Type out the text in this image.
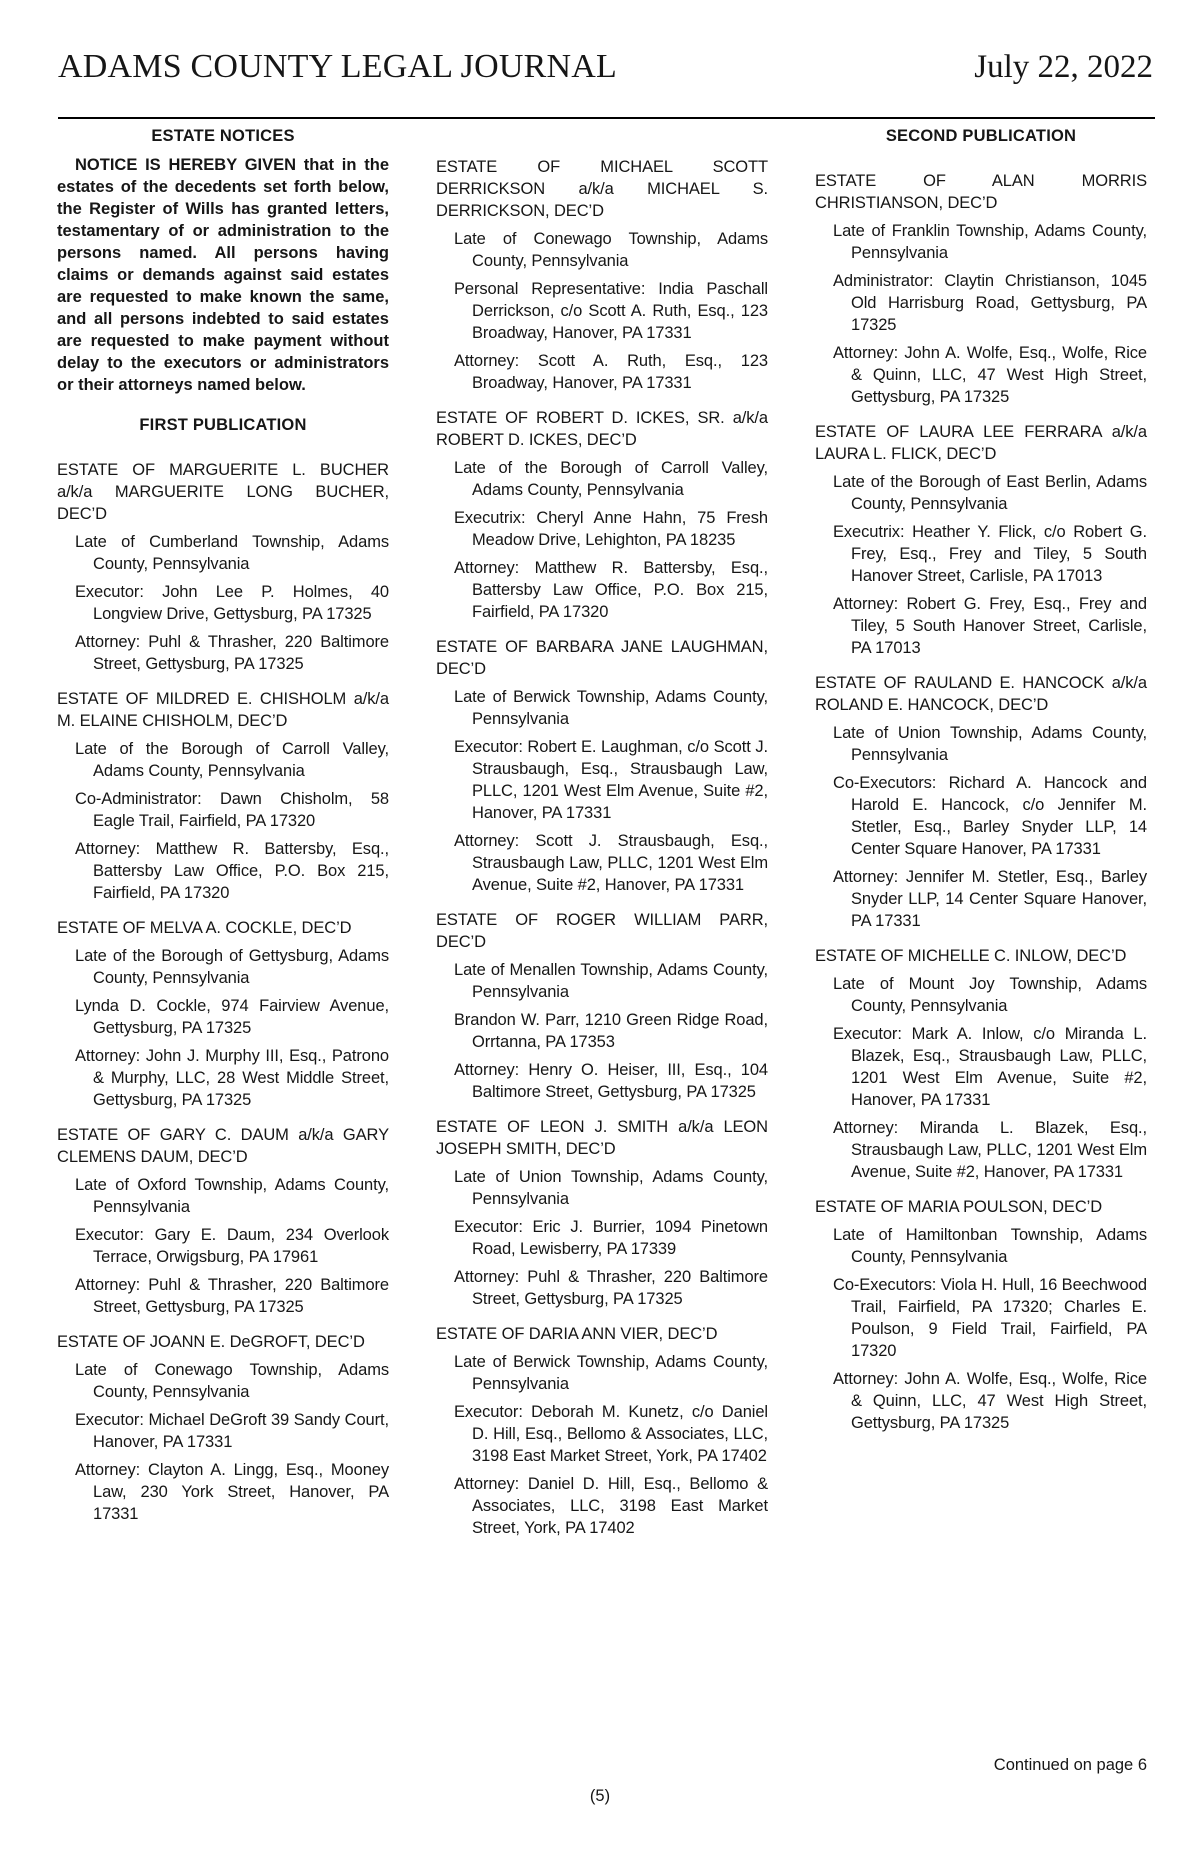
ADAMS COUNTY LEGAL JOURNAL	July 22, 2022
ESTATE NOTICES

NOTICE IS HEREBY GIVEN that in the estates of the decedents set forth below, the Register of Wills has granted letters, testamentary of or administration to the persons named. All persons having claims or demands against said estates are requested to make known the same, and all persons indebted to said estates are requested to make payment without delay to the executors or administrators or their attorneys named below.

FIRST PUBLICATION
ESTATE OF MARGUERITE L. BUCHER a/k/a MARGUERITE LONG BUCHER, DEC’D

Late of Cumberland Township, Adams County, Pennsylvania

Executor: John Lee P. Holmes, 40 Longview Drive, Gettysburg, PA 17325

Attorney: Puhl & Thrasher, 220 Baltimore Street, Gettysburg, PA 17325

ESTATE OF MILDRED E. CHISHOLM a/k/a M. ELAINE CHISHOLM, DEC’D

Late of the Borough of Carroll Valley, Adams County, Pennsylvania

Co-Administrator: Dawn Chisholm, 58 Eagle Trail, Fairfield, PA 17320

Attorney: Matthew R. Battersby, Esq., Battersby Law Office, P.O. Box 215, Fairfield, PA 17320

ESTATE OF MELVA A. COCKLE, DEC’D

Late of the Borough of Gettysburg, Adams County, Pennsylvania

Lynda D. Cockle, 974 Fairview Avenue, Gettysburg, PA 17325

Attorney: John J. Murphy III, Esq., Patrono & Murphy, LLC, 28 West Middle Street, Gettysburg, PA 17325

ESTATE OF GARY C. DAUM a/k/a GARY CLEMENS DAUM, DEC’D

Late of Oxford Township, Adams County, Pennsylvania

Executor: Gary E. Daum, 234 Overlook Terrace, Orwigsburg, PA 17961

Attorney: Puhl & Thrasher, 220 Baltimore Street, Gettysburg, PA 17325

ESTATE OF JOANN E. DeGROFT, DEC’D

Late of Conewago Township, Adams County, Pennsylvania

Executor: Michael DeGroft 39 Sandy Court, Hanover, PA 17331

Attorney: Clayton A. Lingg, Esq., Mooney Law, 230 York Street, Hanover, PA 17331

ESTATE OF MICHAEL SCOTT DERRICKSON a/k/a MICHAEL S. DERRICKSON, DEC’D

Late of Conewago Township, Adams County, Pennsylvania

Personal Representative: India Paschall Derrickson, c/o Scott A. Ruth, Esq., 123 Broadway, Hanover, PA 17331

Attorney: Scott A. Ruth, Esq., 123 Broadway, Hanover, PA 17331

ESTATE OF ROBERT D. ICKES, SR. a/k/a ROBERT D. ICKES, DEC’D

Late of the Borough of Carroll Valley, Adams County, Pennsylvania

Executrix: Cheryl Anne Hahn, 75 Fresh Meadow Drive, Lehighton, PA 18235

Attorney: Matthew R. Battersby, Esq., Battersby Law Office, P.O. Box 215, Fairfield, PA 17320

ESTATE OF BARBARA JANE LAUGHMAN, DEC’D

Late of Berwick Township, Adams County, Pennsylvania

Executor: Robert E. Laughman, c/o Scott J. Strausbaugh, Esq., Strausbaugh Law, PLLC, 1201 West Elm Avenue, Suite #2, Hanover, PA 17331

Attorney: Scott J. Strausbaugh, Esq., Strausbaugh Law, PLLC, 1201 West Elm Avenue, Suite #2, Hanover, PA 17331

ESTATE OF ROGER WILLIAM PARR, DEC’D

Late of Menallen Township, Adams County, Pennsylvania

Brandon W. Parr, 1210 Green Ridge Road, Orrtanna, PA 17353

Attorney: Henry O. Heiser, III, Esq., 104 Baltimore Street, Gettysburg, PA 17325

ESTATE OF LEON J. SMITH a/k/a LEON JOSEPH SMITH, DEC’D

Late of Union Township, Adams County, Pennsylvania

Executor: Eric J. Burrier, 1094 Pinetown Road, Lewisberry, PA 17339

Attorney: Puhl & Thrasher, 220 Baltimore Street, Gettysburg, PA 17325

ESTATE OF DARIA ANN VIER, DEC’D

Late of Berwick Township, Adams County, Pennsylvania

Executor: Deborah M. Kunetz, c/o Daniel D. Hill, Esq., Bellomo & Associates, LLC, 3198 East Market Street, York, PA 17402

Attorney: Daniel D. Hill, Esq., Bellomo & Associates, LLC, 3198 East Market Street, York, PA 17402

SECOND PUBLICATION
ESTATE OF ALAN MORRIS CHRISTIANSON, DEC’D

Late of Franklin Township, Adams County, Pennsylvania

Administrator: Claytin Christianson, 1045 Old Harrisburg Road, Gettysburg, PA 17325

Attorney: John A. Wolfe, Esq., Wolfe, Rice & Quinn, LLC, 47 West High Street, Gettysburg, PA 17325

ESTATE OF LAURA LEE FERRARA a/k/a LAURA L. FLICK, DEC’D

Late of the Borough of East Berlin, Adams County, Pennsylvania

Executrix: Heather Y. Flick, c/o Robert G. Frey, Esq., Frey and Tiley, 5 South Hanover Street, Carlisle, PA 17013

Attorney: Robert G. Frey, Esq., Frey and Tiley, 5 South Hanover Street, Carlisle, PA 17013

ESTATE OF RAULAND E. HANCOCK a/k/a ROLAND E. HANCOCK, DEC’D

Late of Union Township, Adams County, Pennsylvania

Co-Executors: Richard A. Hancock and Harold E. Hancock, c/o Jennifer M. Stetler, Esq., Barley Snyder LLP, 14 Center Square Hanover, PA 17331

Attorney: Jennifer M. Stetler, Esq., Barley Snyder LLP, 14 Center Square Hanover, PA 17331

ESTATE OF MICHELLE C. INLOW, DEC’D

Late of Mount Joy Township, Adams County, Pennsylvania

Executor: Mark A. Inlow, c/o Miranda L. Blazek, Esq., Strausbaugh Law, PLLC, 1201 West Elm Avenue, Suite #2, Hanover, PA 17331

Attorney: Miranda L. Blazek, Esq., Strausbaugh Law, PLLC, 1201 West Elm Avenue, Suite #2, Hanover, PA 17331

ESTATE OF MARIA POULSON, DEC’D

Late of Hamiltonban Township, Adams County, Pennsylvania

Co-Executors: Viola H. Hull, 16 Beechwood Trail, Fairfield, PA 17320; Charles E. Poulson, 9 Field Trail, Fairfield, PA 17320

Attorney: John A. Wolfe, Esq., Wolfe, Rice & Quinn, LLC, 47 West High Street, Gettysburg, PA 17325

Continued on page 6
(5)
